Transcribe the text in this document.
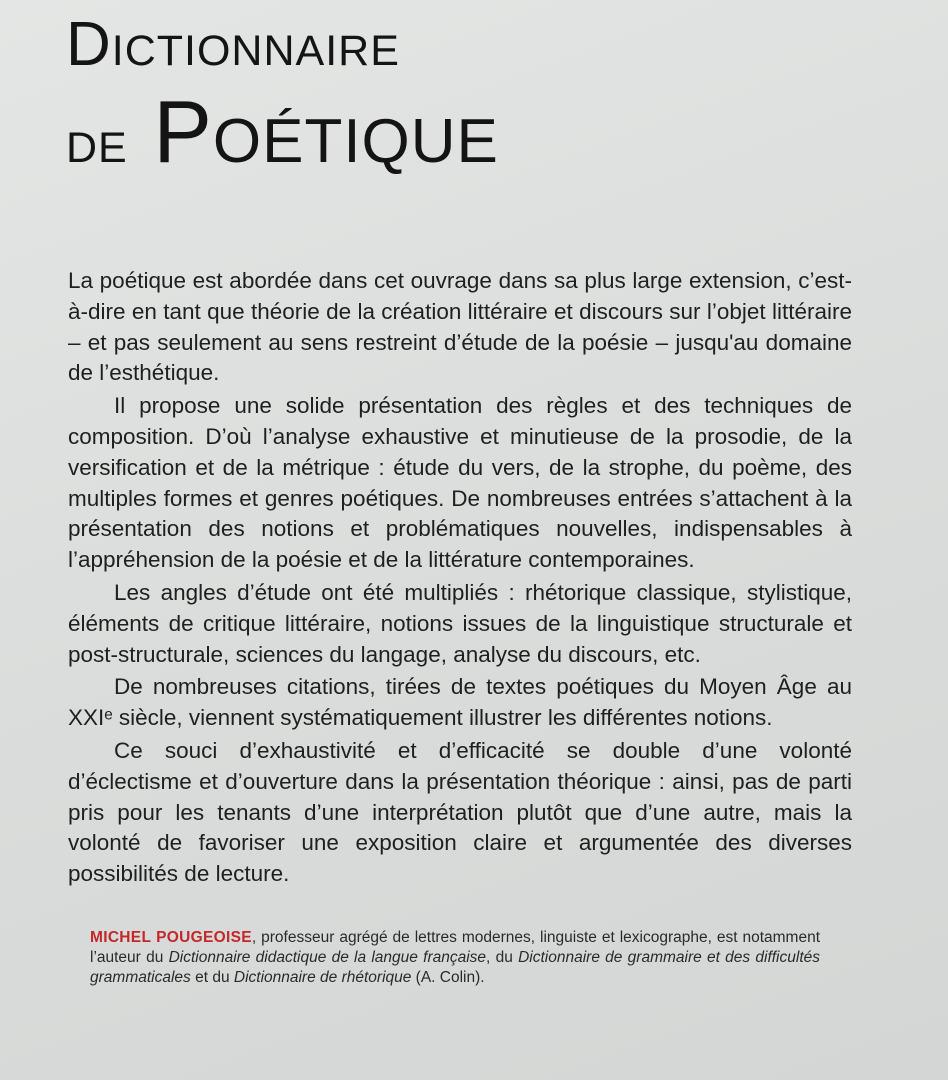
Dictionnaire
de Poétique

La poétique est abordée dans cet ouvrage dans sa plus large extension, c’est-à-dire en tant que théorie de la création littéraire et discours sur l’objet littéraire – et pas seulement au sens restreint d’étude de la poésie – jusqu'au domaine de l’esthétique.

Il propose une solide présentation des règles et des techniques de composition. D’où l’analyse exhaustive et minutieuse de la prosodie, de la versification et de la métrique : étude du vers, de la strophe, du poème, des multiples formes et genres poétiques. De nombreuses entrées s’attachent à la présentation des notions et problématiques nouvelles, indispensables à l’appréhension de la poésie et de la littérature contemporaines.

Les angles d’étude ont été multipliés : rhétorique classique, stylistique, éléments de critique littéraire, notions issues de la linguistique structurale et post-structurale, sciences du langage, analyse du discours, etc.

De nombreuses citations, tirées de textes poétiques du Moyen Âge au XXIᵉ siècle, viennent systématiquement illustrer les différentes notions.

Ce souci d’exhaustivité et d’efficacité se double d’une volonté d’éclectisme et d’ouverture dans la présentation théorique : ainsi, pas de parti pris pour les tenants d’une interprétation plutôt que d’une autre, mais la volonté de favoriser une exposition claire et argumentée des diverses possibilités de lecture.

MICHEL POUGEOISE, professeur agrégé de lettres modernes, linguiste et lexicographe, est notamment l’auteur du Dictionnaire didactique de la langue française, du Dictionnaire de grammaire et des difficultés grammaticales et du Dictionnaire de rhétorique (A. Colin).
